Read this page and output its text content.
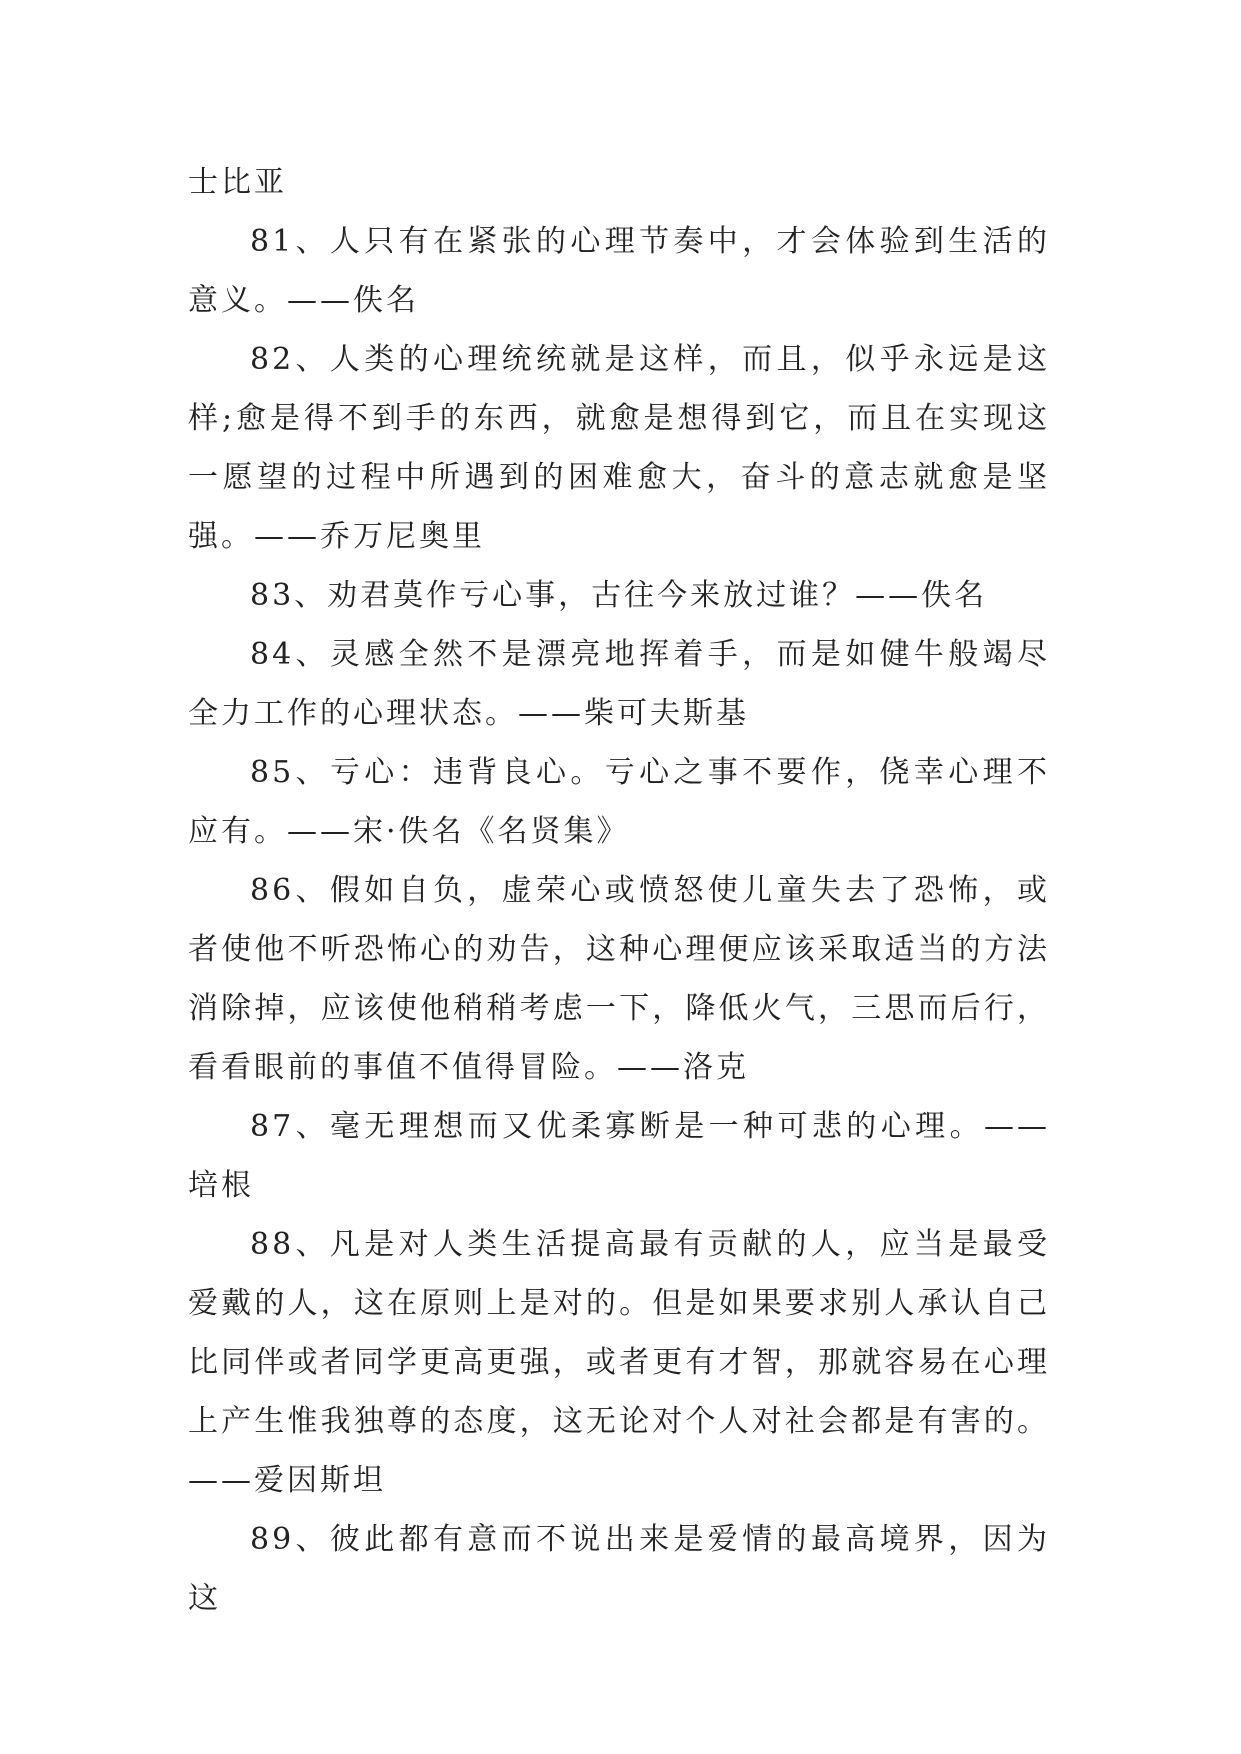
士比亚

81、人只有在紧张的心理节奏中，才会体验到生活的意义。——佚名

82、人类的心理统统就是这样，而且，似乎永远是这样;愈是得不到手的东西，就愈是想得到它，而且在实现这一愿望的过程中所遇到的困难愈大，奋斗的意志就愈是坚强。——乔万尼奥里

83、劝君莫作亏心事，古往今来放过谁？——佚名

84、灵感全然不是漂亮地挥着手，而是如健牛般竭尽全力工作的心理状态。——柴可夫斯基

85、亏心：违背良心。亏心之事不要作，侥幸心理不应有。——宋·佚名《名贤集》

86、假如自负，虚荣心或愤怒使儿童失去了恐怖，或者使他不听恐怖心的劝告，这种心理便应该采取适当的方法消除掉，应该使他稍稍考虑一下，降低火气，三思而后行，看看眼前的事值不值得冒险。——洛克

87、毫无理想而又优柔寡断是一种可悲的心理。——培根

88、凡是对人类生活提高最有贡献的人，应当是最受爱戴的人，这在原则上是对的。但是如果要求别人承认自己比同伴或者同学更高更强，或者更有才智，那就容易在心理上产生惟我独尊的态度，这无论对个人对社会都是有害的。——爱因斯坦

89、彼此都有意而不说出来是爱情的最高境界，因为这
